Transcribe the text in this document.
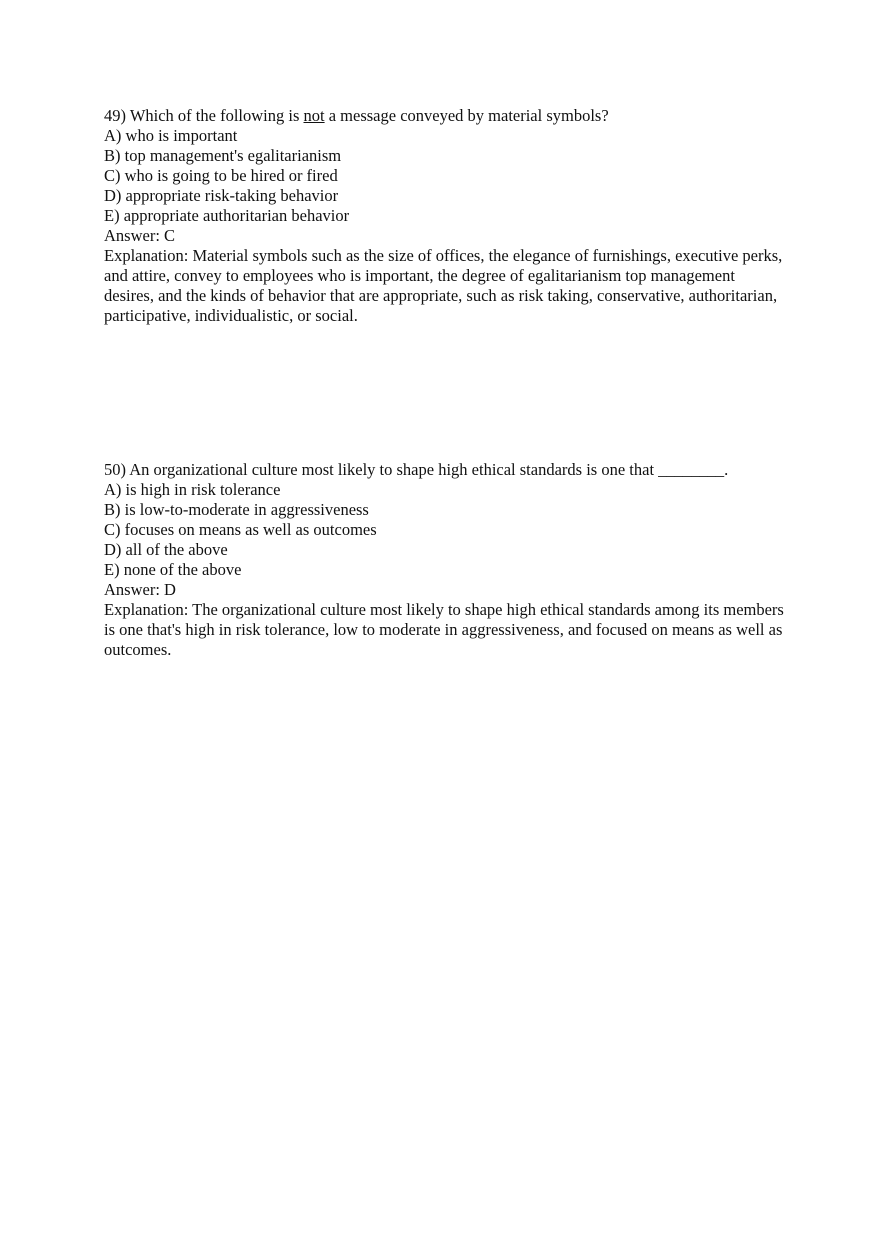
49) Which of the following is not a message conveyed by material symbols?
A) who is important
B) top management's egalitarianism
C) who is going to be hired or fired
D) appropriate risk-taking behavior
E) appropriate authoritarian behavior
Answer: C
Explanation: Material symbols such as the size of offices, the elegance of furnishings, executive perks, and attire, convey to employees who is important, the degree of egalitarianism top management desires, and the kinds of behavior that are appropriate, such as risk taking, conservative, authoritarian, participative, individualistic, or social.
50) An organizational culture most likely to shape high ethical standards is one that ________.
A) is high in risk tolerance
B) is low-to-moderate in aggressiveness
C) focuses on means as well as outcomes
D) all of the above
E) none of the above
Answer: D
Explanation: The organizational culture most likely to shape high ethical standards among its members is one that's high in risk tolerance, low to moderate in aggressiveness, and focused on means as well as outcomes.
